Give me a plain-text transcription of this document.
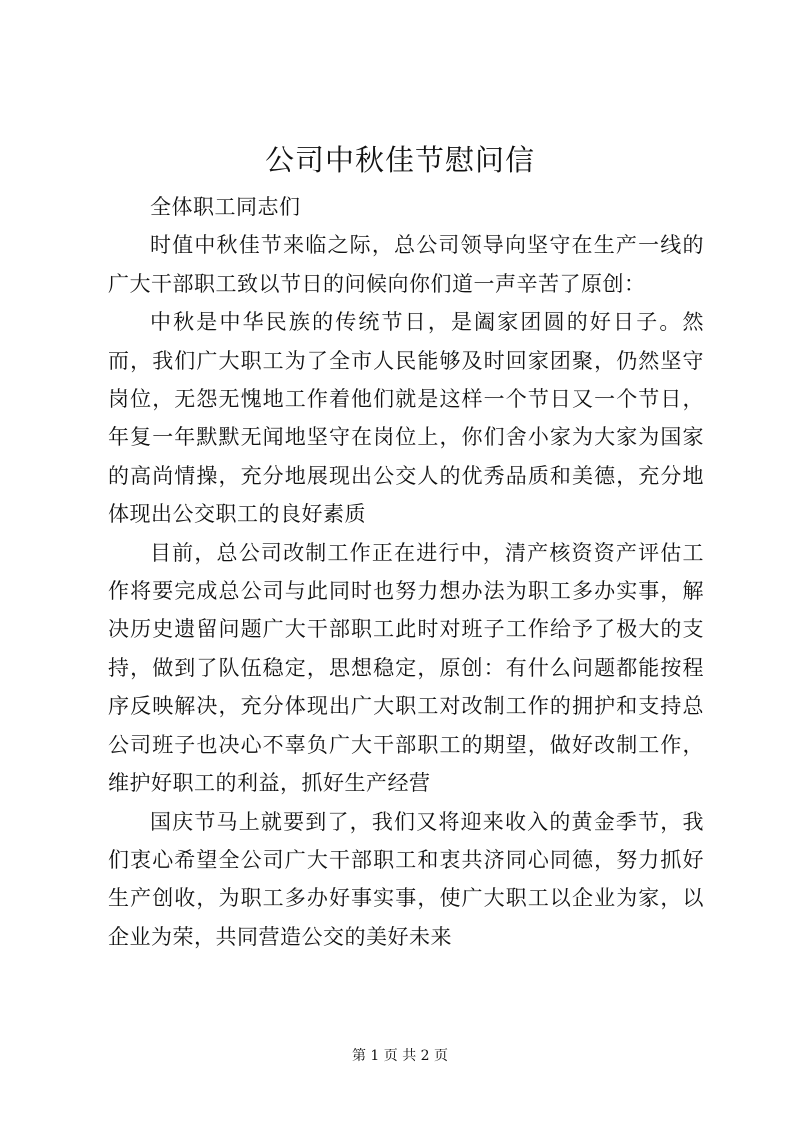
公司中秋佳节慰问信

全体职工同志们

时值中秋佳节来临之际，总公司领导向坚守在生产一线的广大干部职工致以节日的问候向你们道一声辛苦了原创：

中秋是中华民族的传统节日，是阖家团圆的好日子。然而，我们广大职工为了全市人民能够及时回家团聚，仍然坚守岗位，无怨无愧地工作着他们就是这样一个节日又一个节日，年复一年默默无闻地坚守在岗位上，你们舍小家为大家为国家的高尚情操，充分地展现出公交人的优秀品质和美德，充分地体现出公交职工的良好素质

目前，总公司改制工作正在进行中，清产核资资产评估工作将要完成总公司与此同时也努力想办法为职工多办实事，解决历史遗留问题广大干部职工此时对班子工作给予了极大的支持，做到了队伍稳定，思想稳定，原创：有什么问题都能按程序反映解决，充分体现出广大职工对改制工作的拥护和支持总公司班子也决心不辜负广大干部职工的期望，做好改制工作，维护好职工的利益，抓好生产经营

国庆节马上就要到了，我们又将迎来收入的黄金季节，我们衷心希望全公司广大干部职工和衷共济同心同德，努力抓好生产创收，为职工多办好事实事，使广大职工以企业为家，以企业为荣，共同营造公交的美好未来

第 1 页 共 2 页
